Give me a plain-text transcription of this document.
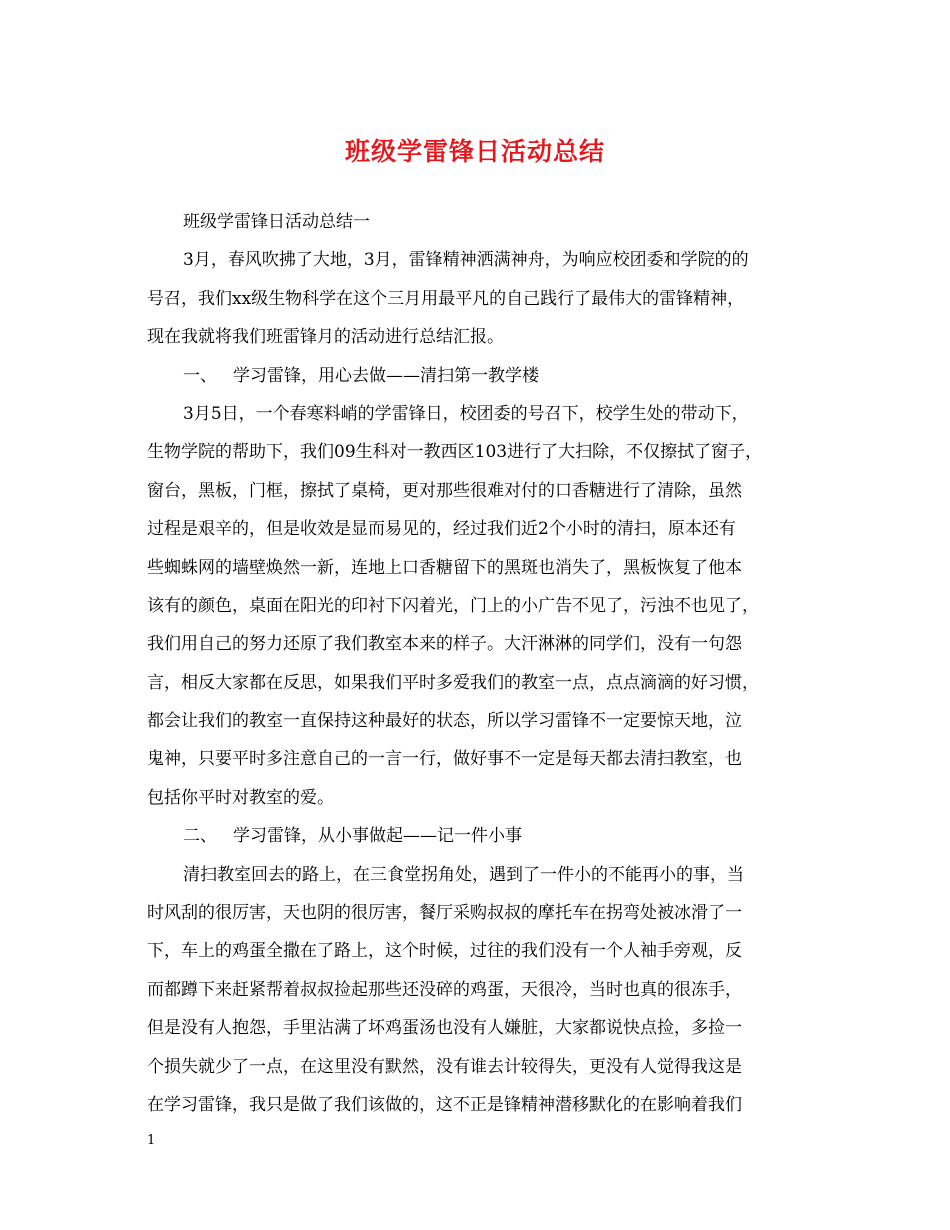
班级学雷锋日活动总结
班级学雷锋日活动总结一
3月，春风吹拂了大地，3月，雷锋精神洒满神舟，为响应校团委和学院的的
号召，我们xx级生物科学在这个三月用最平凡的自己践行了最伟大的雷锋精神，
现在我就将我们班雷锋月的活动进行总结汇报。
一、 学习雷锋，用心去做——清扫第一教学楼
3月5日，一个春寒料峭的学雷锋日，校团委的号召下，校学生处的带动下，
生物学院的帮助下，我们09生科对一教西区103进行了大扫除，不仅擦拭了窗子，
窗台，黑板，门框，擦拭了桌椅，更对那些很难对付的口香糖进行了清除，虽然
过程是艰辛的，但是收效是显而易见的，经过我们近2个小时的清扫，原本还有
些蜘蛛网的墙壁焕然一新，连地上口香糖留下的黑斑也消失了，黑板恢复了他本
该有的颜色，桌面在阳光的印衬下闪着光，门上的小广告不见了，污浊不也见了，
我们用自己的努力还原了我们教室本来的样子。大汗淋淋的同学们，没有一句怨
言，相反大家都在反思，如果我们平时多爱我们的教室一点，点点滴滴的好习惯，
都会让我们的教室一直保持这种最好的状态，所以学习雷锋不一定要惊天地，泣
鬼神，只要平时多注意自己的一言一行，做好事不一定是每天都去清扫教室，也
包括你平时对教室的爱。
二、 学习雷锋，从小事做起——记一件小事
清扫教室回去的路上，在三食堂拐角处，遇到了一件小的不能再小的事，当
时风刮的很厉害，天也阴的很厉害，餐厅采购叔叔的摩托车在拐弯处被冰滑了一
下，车上的鸡蛋全撒在了路上，这个时候，过往的我们没有一个人袖手旁观，反
而都蹲下来赶紧帮着叔叔捡起那些还没碎的鸡蛋，天很冷，当时也真的很冻手，
但是没有人抱怨，手里沾满了坏鸡蛋汤也没有人嫌脏，大家都说快点捡，多捡一
个损失就少了一点，在这里没有默然，没有谁去计较得失，更没有人觉得我这是
在学习雷锋，我只是做了我们该做的，这不正是锋精神潜移默化的在影响着我们
1
